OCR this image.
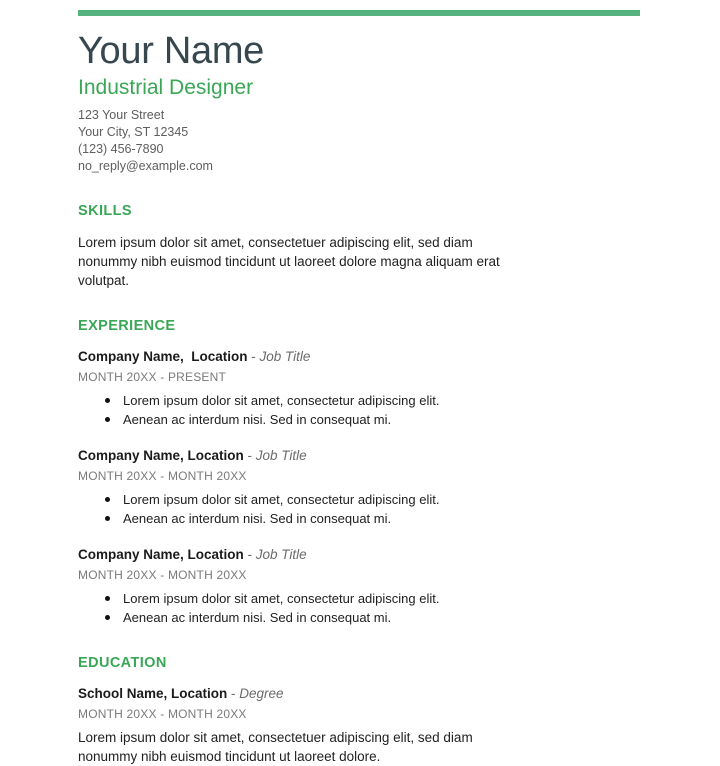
Your Name
Industrial Designer
123 Your Street
Your City, ST 12345
(123) 456-7890
no_reply@example.com
SKILLS

Lorem ipsum dolor sit amet, consectetuer adipiscing elit, sed diam nonummy nibh euismod tincidunt ut laoreet dolore magna aliquam erat volutpat.

EXPERIENCE
Company Name,  Location - Job Title
MONTH 20XX - PRESENT
Lorem ipsum dolor sit amet, consectetur adipiscing elit.
Aenean ac interdum nisi. Sed in consequat mi.
Company Name, Location - Job Title
MONTH 20XX - MONTH 20XX
Lorem ipsum dolor sit amet, consectetur adipiscing elit.
Aenean ac interdum nisi. Sed in consequat mi.
Company Name, Location - Job Title
MONTH 20XX - MONTH 20XX
Lorem ipsum dolor sit amet, consectetur adipiscing elit.
Aenean ac interdum nisi. Sed in consequat mi.
EDUCATION
School Name, Location - Degree
MONTH 20XX - MONTH 20XX

Lorem ipsum dolor sit amet, consectetuer adipiscing elit, sed diam nonummy nibh euismod tincidunt ut laoreet dolore.
